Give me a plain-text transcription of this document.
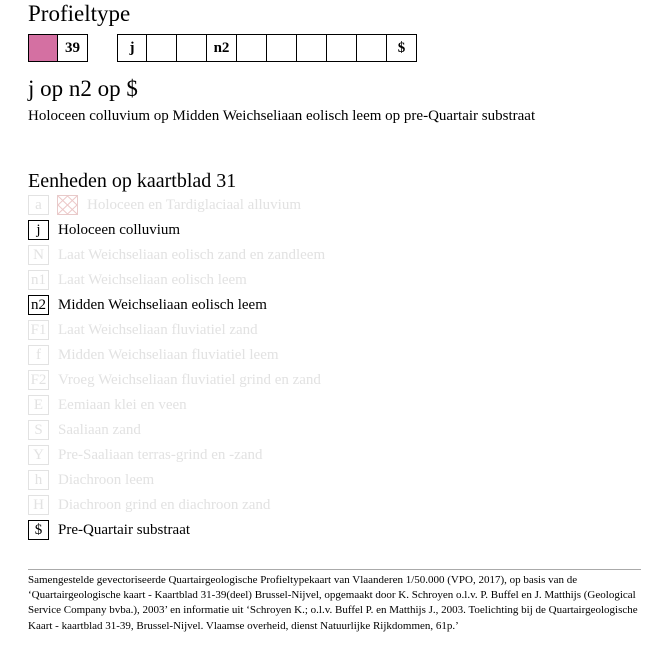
Profieltype
39	j	n2	$
j op n2 op $
Holoceen colluvium op Midden Weichseliaan eolisch leem op pre-Quartair substraat
Eenheden op kaartblad 31
a	Holoceen en Tardiglaciaal alluvium
j	Holoceen colluvium
N Laat Weichseliaan eolisch zand en zandleem
n1 Laat Weichseliaan eolisch leem
n2 Midden Weichseliaan eolisch leem
F1 Laat Weichseliaan fluviatiel zand
f	Midden Weichseliaan fluviatiel leem
F2 Vroeg Weichseliaan fluviatiel grind en zand
E Eemiaan klei en veen
S	Saaliaan zand
Y Pre-Saaliaan terras-grind en -zand
h	Diachroon leem
H Diachroon grind en diachroon zand
$	Pre-Quartair substraat
Samengestelde gevectoriseerde Quartairgeologische Profieltypekaart van Vlaanderen 1/50.000 (VPO, 2017), op basis van de ‘Quartairgeologische kaart - Kaartblad 31-39(deel) Brussel-Nijvel, opgemaakt door K. Schroyen o.l.v. P. Buffel en J. Matthijs (Geological Service Company bvba.), 2003’ en informatie uit ‘Schroyen K.; o.l.v. Buffel P. en Matthijs J., 2003. Toelichting bij de Quartairgeologische Kaart - kaartblad 31-39, Brussel-Nijvel. Vlaamse overheid, dienst Natuurlijke Rijkdommen, 61p.’
